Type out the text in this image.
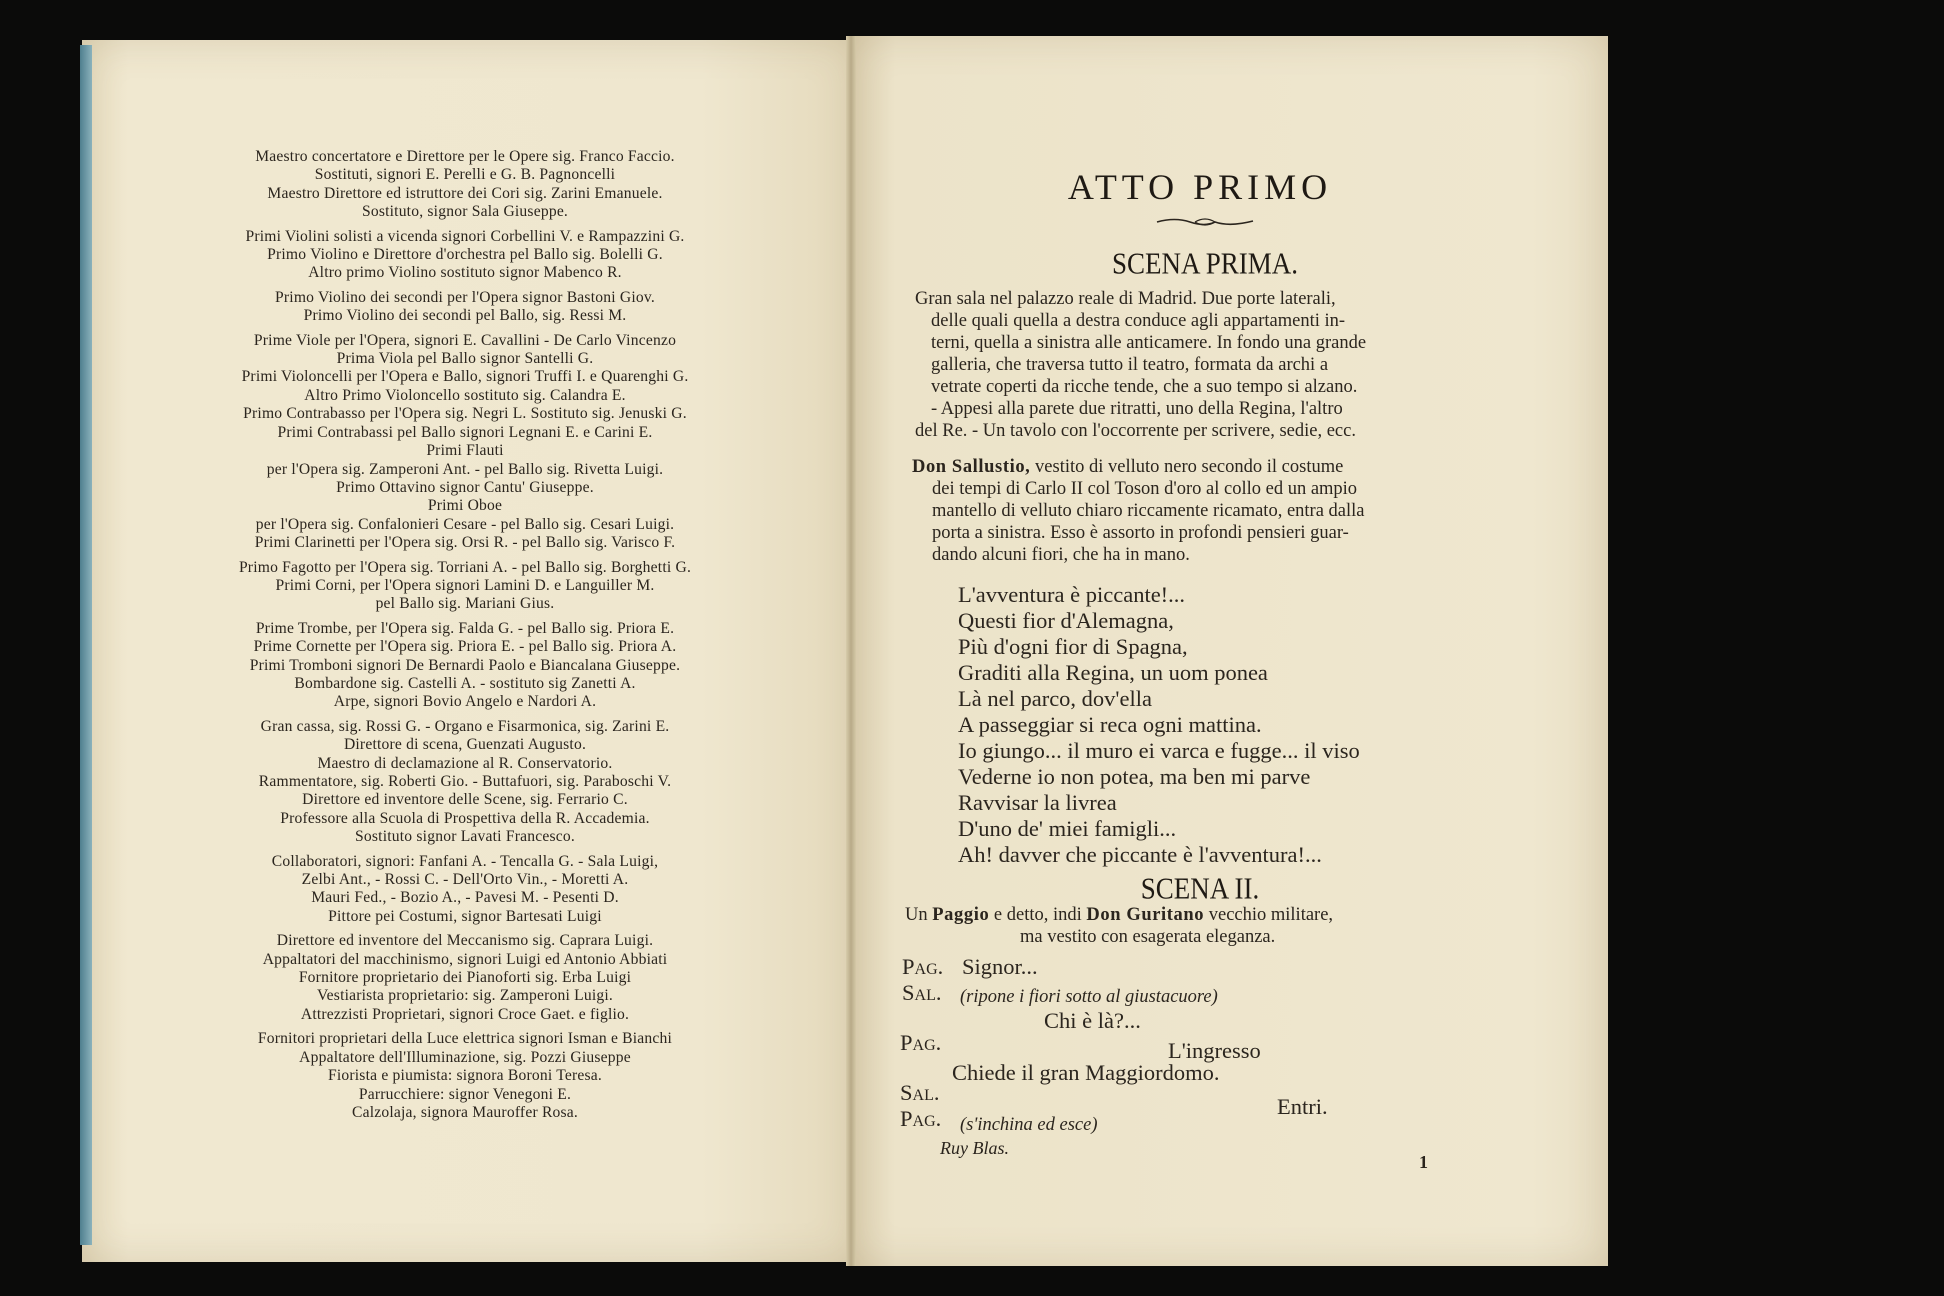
Maestro concertatore e Direttore per le Opere sig. Franco Faccio.
Sostituti, signori E. Perelli e G. B. Pagnoncelli
Maestro Direttore ed istruttore dei Cori sig. Zarini Emanuele.
Sostituto, signor Sala Giuseppe.
Primi Violini solisti a vicenda signori Corbellini V. e Rampazzini G.
Primo Violino e Direttore d'orchestra pel Ballo sig. Bolelli G.
Altro primo Violino sostituto signor Mabenco R.
Primo Violino dei secondi per l'Opera signor Bastoni Giov.
Primo Violino dei secondi pel Ballo, sig. Ressi M.
Prime Viole per l'Opera, signori E. Cavallini - De Carlo Vincenzo
Prima Viola pel Ballo signor Santelli G.
Primi Violoncelli per l'Opera e Ballo, signori Truffi I. e Quarenghi G.
Altro Primo Violoncello sostituto sig. Calandra E.
Primo Contrabasso per l'Opera sig. Negri L. Sostituto sig. Jenuski G.
Primi Contrabassi pel Ballo signori Legnani E. e Carini E.
Primi Flauti
per l'Opera sig. Zamperoni Ant. - pel Ballo sig. Rivetta Luigi.
Primo Ottavino signor Cantu' Giuseppe.
Primi Oboe
per l'Opera sig. Confalonieri Cesare - pel Ballo sig. Cesari Luigi.
Primi Clarinetti per l'Opera sig. Orsi R. - pel Ballo sig. Varisco F.
Primo Fagotto per l'Opera sig. Torriani A. - pel Ballo sig. Borghetti G.
Primi Corni, per l'Opera signori Lamini D. e Languiller M.
pel Ballo sig. Mariani Gius.
Prime Trombe, per l'Opera sig. Falda G. - pel Ballo sig. Priora E.
Prime Cornette per l'Opera sig. Priora E. - pel Ballo sig. Priora A.
Primi Tromboni signori De Bernardi Paolo e Biancalana Giuseppe.
Bombardone sig. Castelli A. - sostituto sig Zanetti A.
Arpe, signori Bovio Angelo e Nardori A.
Gran cassa, sig. Rossi G. - Organo e Fisarmonica, sig. Zarini E.
Direttore di scena, Guenzati Augusto.
Maestro di declamazione al R. Conservatorio.
Rammentatore, sig. Roberti Gio. - Buttafuori, sig. Paraboschi V.
Direttore ed inventore delle Scene, sig. Ferrario C.
Professore alla Scuola di Prospettiva della R. Accademia.
Sostituto signor Lavati Francesco.
Collaboratori, signori: Fanfani A. - Tencalla G. - Sala Luigi,
Zelbi Ant., - Rossi C. - Dell'Orto Vin., - Moretti A.
Mauri Fed., - Bozio A., - Pavesi M. - Pesenti D.
Pittore pei Costumi, signor Bartesati Luigi
Direttore ed inventore del Meccanismo sig. Caprara Luigi.
Appaltatori del macchinismo, signori Luigi ed Antonio Abbiati
Fornitore proprietario dei Pianoforti sig. Erba Luigi
Vestiarista proprietario: sig. Zamperoni Luigi.
Attrezzisti Proprietari, signori Croce Gaet. e figlio.
Fornitori proprietari della Luce elettrica signori Isman e Bianchi
Appaltatore dell'Illuminazione, sig. Pozzi Giuseppe
Fiorista e piumista: signora Boroni Teresa.
Parrucchiere: signor Venegoni E.
Calzolaja, signora Mauroffer Rosa.
ATTO PRIMO
SCENA PRIMA.
Gran sala nel palazzo reale di Madrid. Due porte laterali,
delle quali quella a destra conduce agli appartamenti in-
terni, quella a sinistra alle anticamere. In fondo una grande
galleria, che traversa tutto il teatro, formata da archi a
vetrate coperti da ricche tende, che a suo tempo si alzano.
- Appesi alla parete due ritratti, uno della Regina, l'altro
del Re. - Un tavolo con l'occorrente per scrivere, sedie, ecc.
Don Sallustio, vestito di velluto nero secondo il costume
dei tempi di Carlo II col Toson d'oro al collo ed un ampio
mantello di velluto chiaro riccamente ricamato, entra dalla
porta a sinistra. Esso è assorto in profondi pensieri guar-
dando alcuni fiori, che ha in mano.
L'avventura è piccante!...
Questi fior d'Alemagna,
Più d'ogni fior di Spagna,
Graditi alla Regina, un uom ponea
Là nel parco, dov'ella
A passeggiar si reca ogni mattina.
Io giungo... il muro ei varca e fugge... il viso
Vederne io non potea, ma ben mi parve
Ravvisar la livrea
D'uno de' miei famigli...
Ah! davver che piccante è l'avventura!...
SCENA II.
Un Paggio e detto, indi Don Guritano vecchio militare,
ma vestito con esagerata eleganza.
Pag. Signor...
Sal. (ripone i fiori sotto al giustacuore)
Chi è là?...
Pag.	L'ingresso
Chiede il gran Maggiordomo.
Sal.
Entri.
Pag. (s'inchina ed esce)
Ruy Blas.
1
